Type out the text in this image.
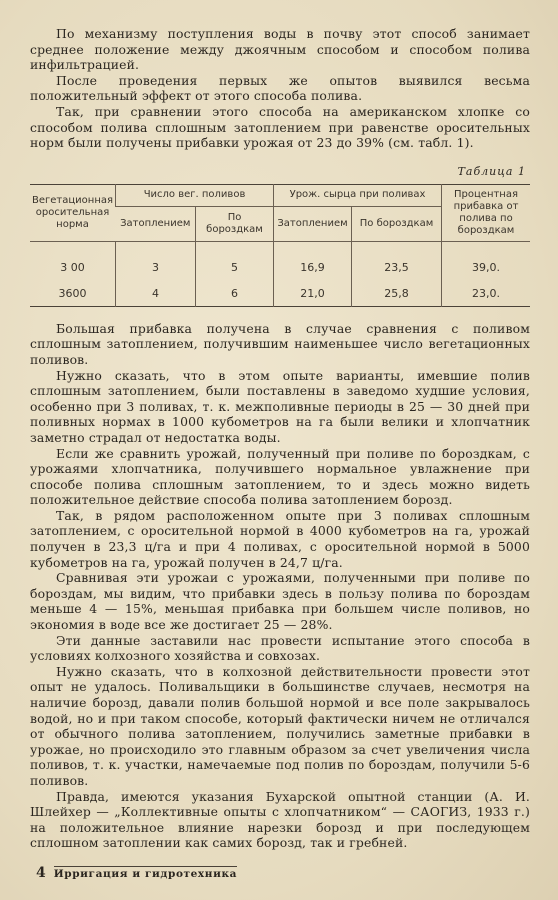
По механизму поступления воды в почву этот способ занимает среднее положение между джоячным способом и способом полива инфильтрацией.

После проведения первых же опытов выявился весьма положительный эффект от этого способа полива.

Так, при сравнении этого способа на американском хлопке со способом полива сплошным затоплением при равенстве оросительных норм были получены прибавки урожая от 23 до 39% (см. табл. 1).

Таблица 1
Вегетационная оросительная норма	Число вег. поливов		Урож. сырца при поливах		Процентная прибавка от полива по бороздкам
	Затоплением	По бороздкам	Затоплением	По бороздкам	

3 00	3	5	16,9	23,5	39,0.
3600	4	6	21,0	25,8	23,0.

Большая прибавка получена в случае сравнения с поливом сплошным затоплением, получившим наименьшее число вегетационных поливов.

Нужно сказать, что в этом опыте варианты, имевшие полив сплошным затоплением, были поставлены в заведомо худшие условия, особенно при 3 поливах, т. к. межполивные периоды в 25 — 30 дней при поливных нормах в 1000 кубометров на га были велики и хлопчатник заметно страдал от недостатка воды.

Если же сравнить урожай, полученный при поливе по бороздкам, с урожаями хлопчатника, получившего нормальное увлажнение при способе полива сплошным затоплением, то и здесь можно видеть положительное действие способа полива затоплением борозд.

Так, в рядом расположенном опыте при 3 поливах сплошным затоплением, с оросительной нормой в 4000 кубометров на га, урожай получен в 23,3 ц/га и при 4 поливах, с оросительной нормой в 5000 кубометров на га, урожай получен в 24,7 ц/га.

Сравнивая эти урожаи с урожаями, полученными при поливе по бороздам, мы видим, что прибавки здесь в пользу полива по бороздам меньше 4 — 15%, меньшая прибавка при большем числе поливов, но экономия в воде все же достигает 25 — 28%.

Эти данные заставили нас провести испытание этого способа в условиях колхозного хозяйства и совхозах.

Нужно сказать, что в колхозной действительности провести этот опыт не удалось. Поливальщики в большинстве случаев, несмотря на наличие борозд, давали полив большой нормой и все поле закрывалось водой, но и при таком способе, который фактически ничем не отличался от обычного полива затоплением, получились заметные прибавки в урожае, но происходило это главным образом за счет увеличения числа поливов, т. к. участки, намечаемые под полив по бороздам, получили 5-6 поливов.

Правда, имеются указания Бухарской опытной станции (А. И. Шлейхер — „Коллективные опыты с хлопчатником“ — САОГИЗ, 1933 г.) на положительное влияние нарезки борозд и при последующем сплошном затоплении как самих борозд, так и гребней.

4 Ирригация и гидротехника
